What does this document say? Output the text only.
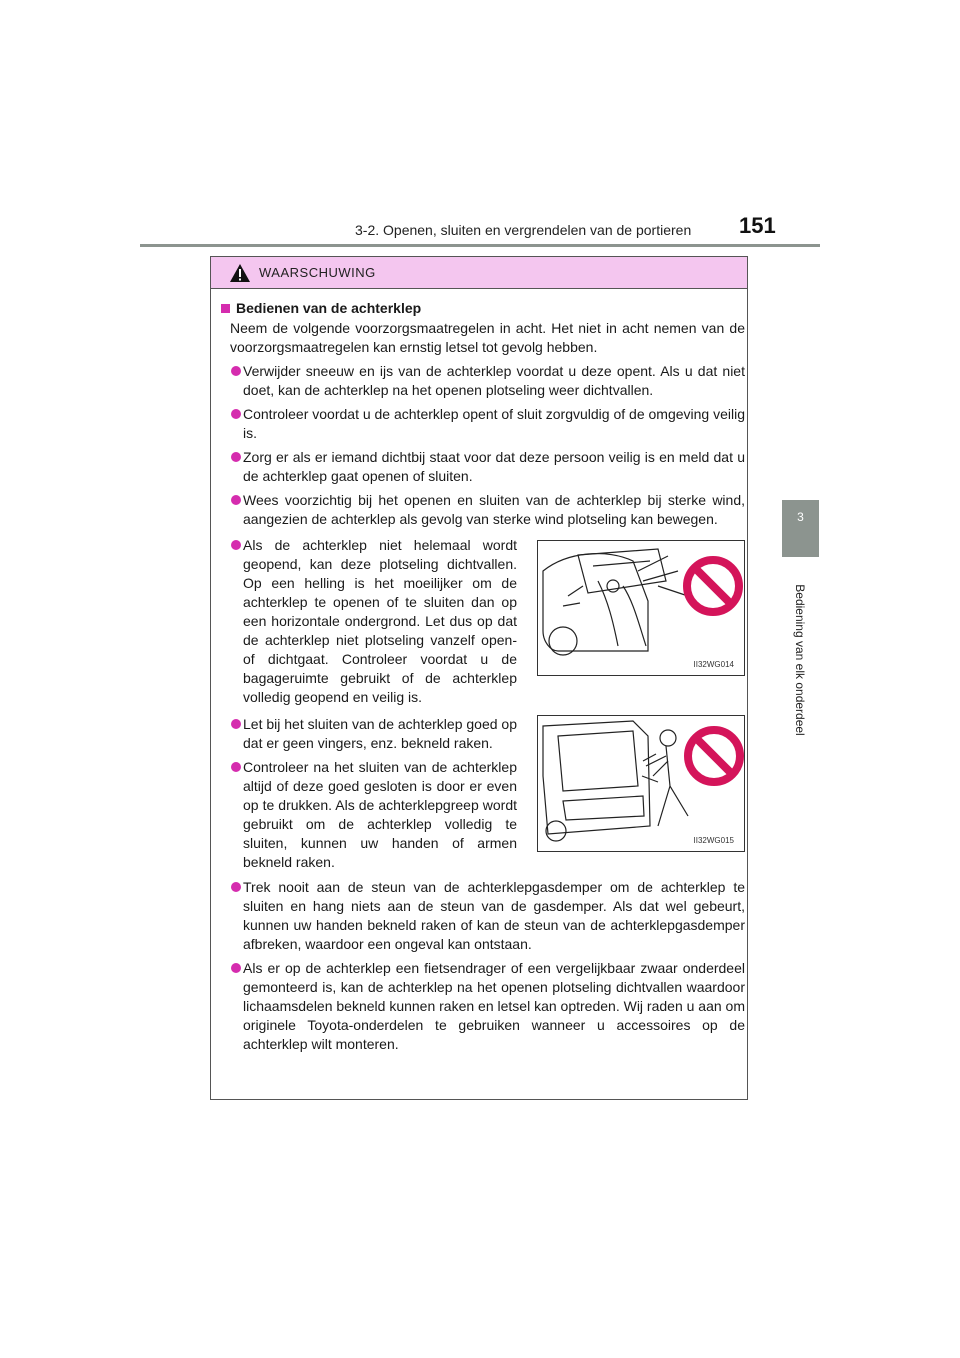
3-2. Openen, sluiten en vergrendelen van de portieren 151
3
Bediening van elk onderdeel
WAARSCHUWING
Bedienen van de achterklep
Neem de volgende voorzorgsmaatregelen in acht. Het niet in acht nemen van de voorzorgsmaatregelen kan ernstig letsel tot gevolg hebben.
Verwijder sneeuw en ijs van de achterklep voordat u deze opent. Als u dat niet doet, kan de achterklep na het openen plotseling weer dichtvallen.
Controleer voordat u de achterklep opent of sluit zorgvuldig of de omgeving veilig is.
Zorg er als er iemand dichtbij staat voor dat deze persoon veilig is en meld dat u de achterklep gaat openen of sluiten.
Wees voorzichtig bij het openen en sluiten van de achterklep bij sterke wind, aangezien de achterklep als gevolg van sterke wind plotseling kan bewegen.
Als de achterklep niet helemaal wordt geopend, kan deze plotseling dichtvallen. Op een helling is het moeilijker om de achterklep te openen of te sluiten dan op een horizontale ondergrond. Let dus op dat de achterklep niet plotseling vanzelf open- of dichtgaat. Controleer voordat u de bagageruimte gebruikt of de achterklep volledig geopend en veilig is.
II32WG014
Let bij het sluiten van de achterklep goed op dat er geen vingers, enz. bekneld raken.
Controleer na het sluiten van de achterklep altijd of deze goed gesloten is door er even op te drukken. Als de achterklepgreep wordt gebruikt om de achterklep volledig te sluiten, kunnen uw handen of armen bekneld raken.
II32WG015
Trek nooit aan de steun van de achterklepgasdemper om de achterklep te sluiten en hang niets aan de steun van de gasdemper. Als dat wel gebeurt, kunnen uw handen bekneld raken of kan de steun van de achterklepgasdemper afbreken, waardoor een ongeval kan ontstaan.
Als er op de achterklep een fietsendrager of een vergelijkbaar zwaar onderdeel gemonteerd is, kan de achterklep na het openen plotseling dichtvallen waardoor lichaamsdelen bekneld kunnen raken en letsel kan optreden. Wij raden u aan om originele Toyota-onderdelen te gebruiken wanneer u accessoires op de achterklep wilt monteren.
